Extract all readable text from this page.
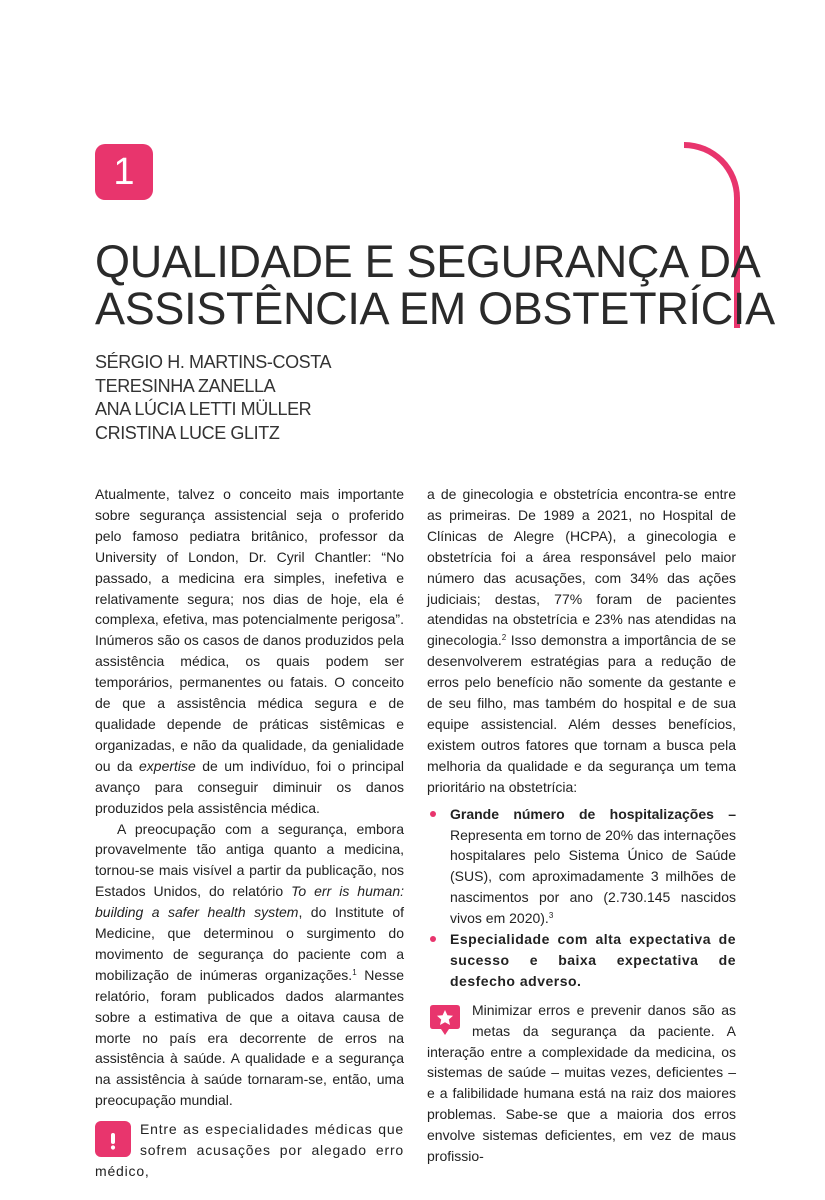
1
QUALIDADE E SEGURANÇA DA
ASSISTÊNCIA EM OBSTETRÍCIA
SÉRGIO H. MARTINS-COSTA
TERESINHA ZANELLA
ANA LÚCIA LETTI MÜLLER
CRISTINA LUCE GLITZ

Atualmente, talvez o conceito mais importante sobre segurança assistencial seja o proferido pelo famoso pediatra britânico, professor da University of London, Dr. Cyril Chantler: “No passado, a medicina era simples, inefetiva e relativamente segura; nos dias de hoje, ela é complexa, efetiva, mas potencialmente perigosa”. Inúmeros são os casos de danos produzidos pela assistência médica, os quais podem ser temporários, permanentes ou fatais. O conceito de que a assistência médica segura e de qualidade depende de práticas sistêmicas e organizadas, e não da qualidade, da genialidade ou da expertise de um indivíduo, foi o principal avanço para conseguir diminuir os danos produzidos pela assistência médica.

A preocupação com a segurança, embora provavelmente tão antiga quanto a medicina, tornou-se mais visível a partir da publicação, nos Estados Unidos, do relatório To err is human: building a safer health system, do Institute of Medicine, que determinou o surgimento do movimento de segurança do paciente com a mobilização de inúmeras organizações.$^1$ Nesse relatório, foram publicados dados alarmantes sobre a estimativa de que a oitava causa de morte no país era decorrente de erros na assistência à saúde. A qualidade e a segurança na assistência à saúde tornaram-se, então, uma preocupação mundial.

Entre as especialidades médicas que sofrem acusações por alegado erro médico,

a de ginecologia e obstetrícia encontra-se entre as primeiras. De 1989 a 2021, no Hospital de Clínicas de Alegre (HCPA), a ginecologia e obstetrícia foi a área responsável pelo maior número das acusações, com 34% das ações judiciais; destas, 77% foram de pacientes atendidas na obstetrícia e 23% nas atendidas na ginecologia.$^2$ Isso demonstra a importância de se desenvolverem estratégias para a redução de erros pelo benefício não somente da gestante e de seu filho, mas também do hospital e de sua equipe assistencial. Além desses benefícios, existem outros fatores que tornam a busca pela melhoria da qualidade e da segurança um tema prioritário na obstetrícia:

Grande número de hospitalizações – Representa em torno de 20% das internações hospitalares pelo Sistema Único de Saúde (SUS), com aproximadamente 3 milhões de nascimentos por ano (2.730.145 nascidos vivos em 2020).$^3$
Especialidade com alta expectativa de sucesso e baixa expectativa de desfecho adverso.

Minimizar erros e prevenir danos são as metas da segurança da paciente. A interação entre a complexidade da medicina, os sistemas de saúde – muitas vezes, deficientes – e a falibilidade humana está na raiz dos maiores problemas. Sabe-se que a maioria dos erros envolve sistemas deficientes, em vez de maus profissio-
